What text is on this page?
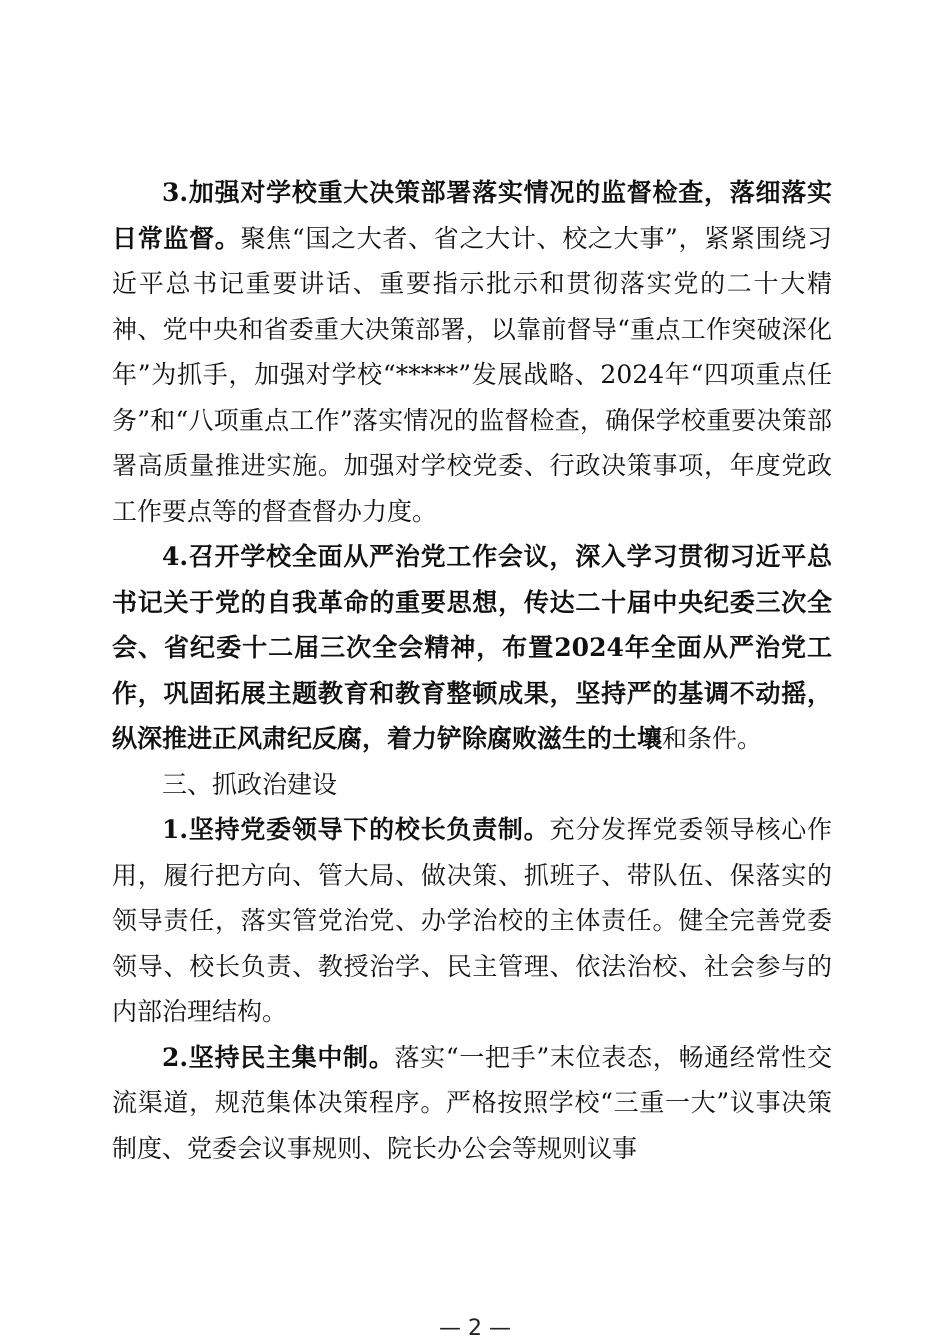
3.加强对学校重大决策部署落实情况的监督检查，落细落实日常监督。聚焦“国之大者、省之大计、校之大事”，紧紧围绕习近平总书记重要讲话、重要指示批示和贯彻落实党的二十大精神、党中央和省委重大决策部署，以靠前督导“重点工作突破深化年”为抓手，加强对学校“*****”发展战略、2024年“四项重点任务”和“八项重点工作”落实情况的监督检查，确保学校重要决策部署高质量推进实施。加强对学校党委、行政决策事项，年度党政工作要点等的督查督办力度。

4.召开学校全面从严治党工作会议，深入学习贯彻习近平总书记关于党的自我革命的重要思想，传达二十届中央纪委三次全会、省纪委十二届三次全会精神，布置2024年全面从严治党工作，巩固拓展主题教育和教育整顿成果，坚持严的基调不动摇，纵深推进正风肃纪反腐，着力铲除腐败滋生的土壤和条件。

三、抓政治建设

1.坚持党委领导下的校长负责制。充分发挥党委领导核心作用，履行把方向、管大局、做决策、抓班子、带队伍、保落实的领导责任，落实管党治党、办学治校的主体责任。健全完善党委领导、校长负责、教授治学、民主管理、依法治校、社会参与的内部治理结构。

2.坚持民主集中制。落实“一把手”末位表态，畅通经常性交流渠道，规范集体决策程序。严格按照学校“三重一大”议事决策制度、党委会议事规则、院长办公会等规则议事

— 2 —
